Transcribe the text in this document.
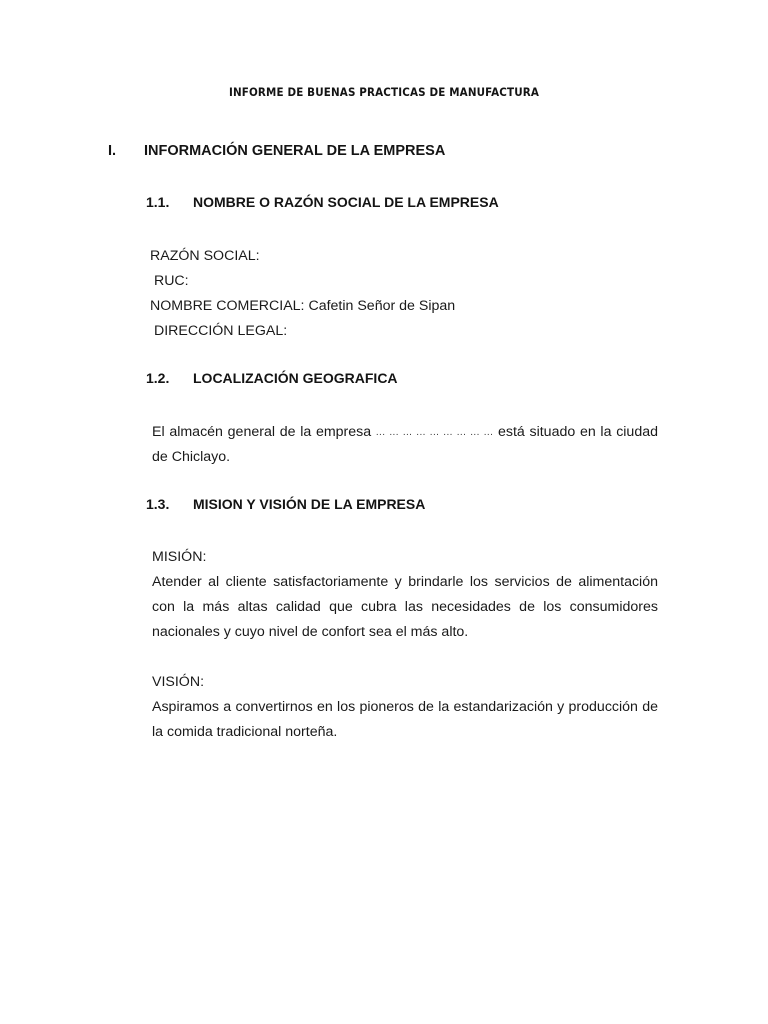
INFORME DE BUENAS PRACTICAS DE MANUFACTURA
I. INFORMACIÓN GENERAL DE LA EMPRESA
1.1. NOMBRE O RAZÓN SOCIAL DE LA EMPRESA
RAZÓN SOCIAL:
RUC:
NOMBRE COMERCIAL: Cafetin Señor de Sipan
DIRECCIÓN LEGAL:
1.2. LOCALIZACIÓN GEOGRAFICA
El almacén general de la empresa ... ... ... ... ... ... ... ... ... está situado en la ciudad de Chiclayo.
1.3. MISION Y VISIÓN DE LA EMPRESA
MISIÓN:
Atender al cliente satisfactoriamente y brindarle los servicios de alimentación con la más altas calidad que cubra las necesidades de los consumidores nacionales y cuyo nivel de confort sea el más alto.
VISIÓN:
Aspiramos a convertirnos en los pioneros de la estandarización y producción de la comida tradicional norteña.
